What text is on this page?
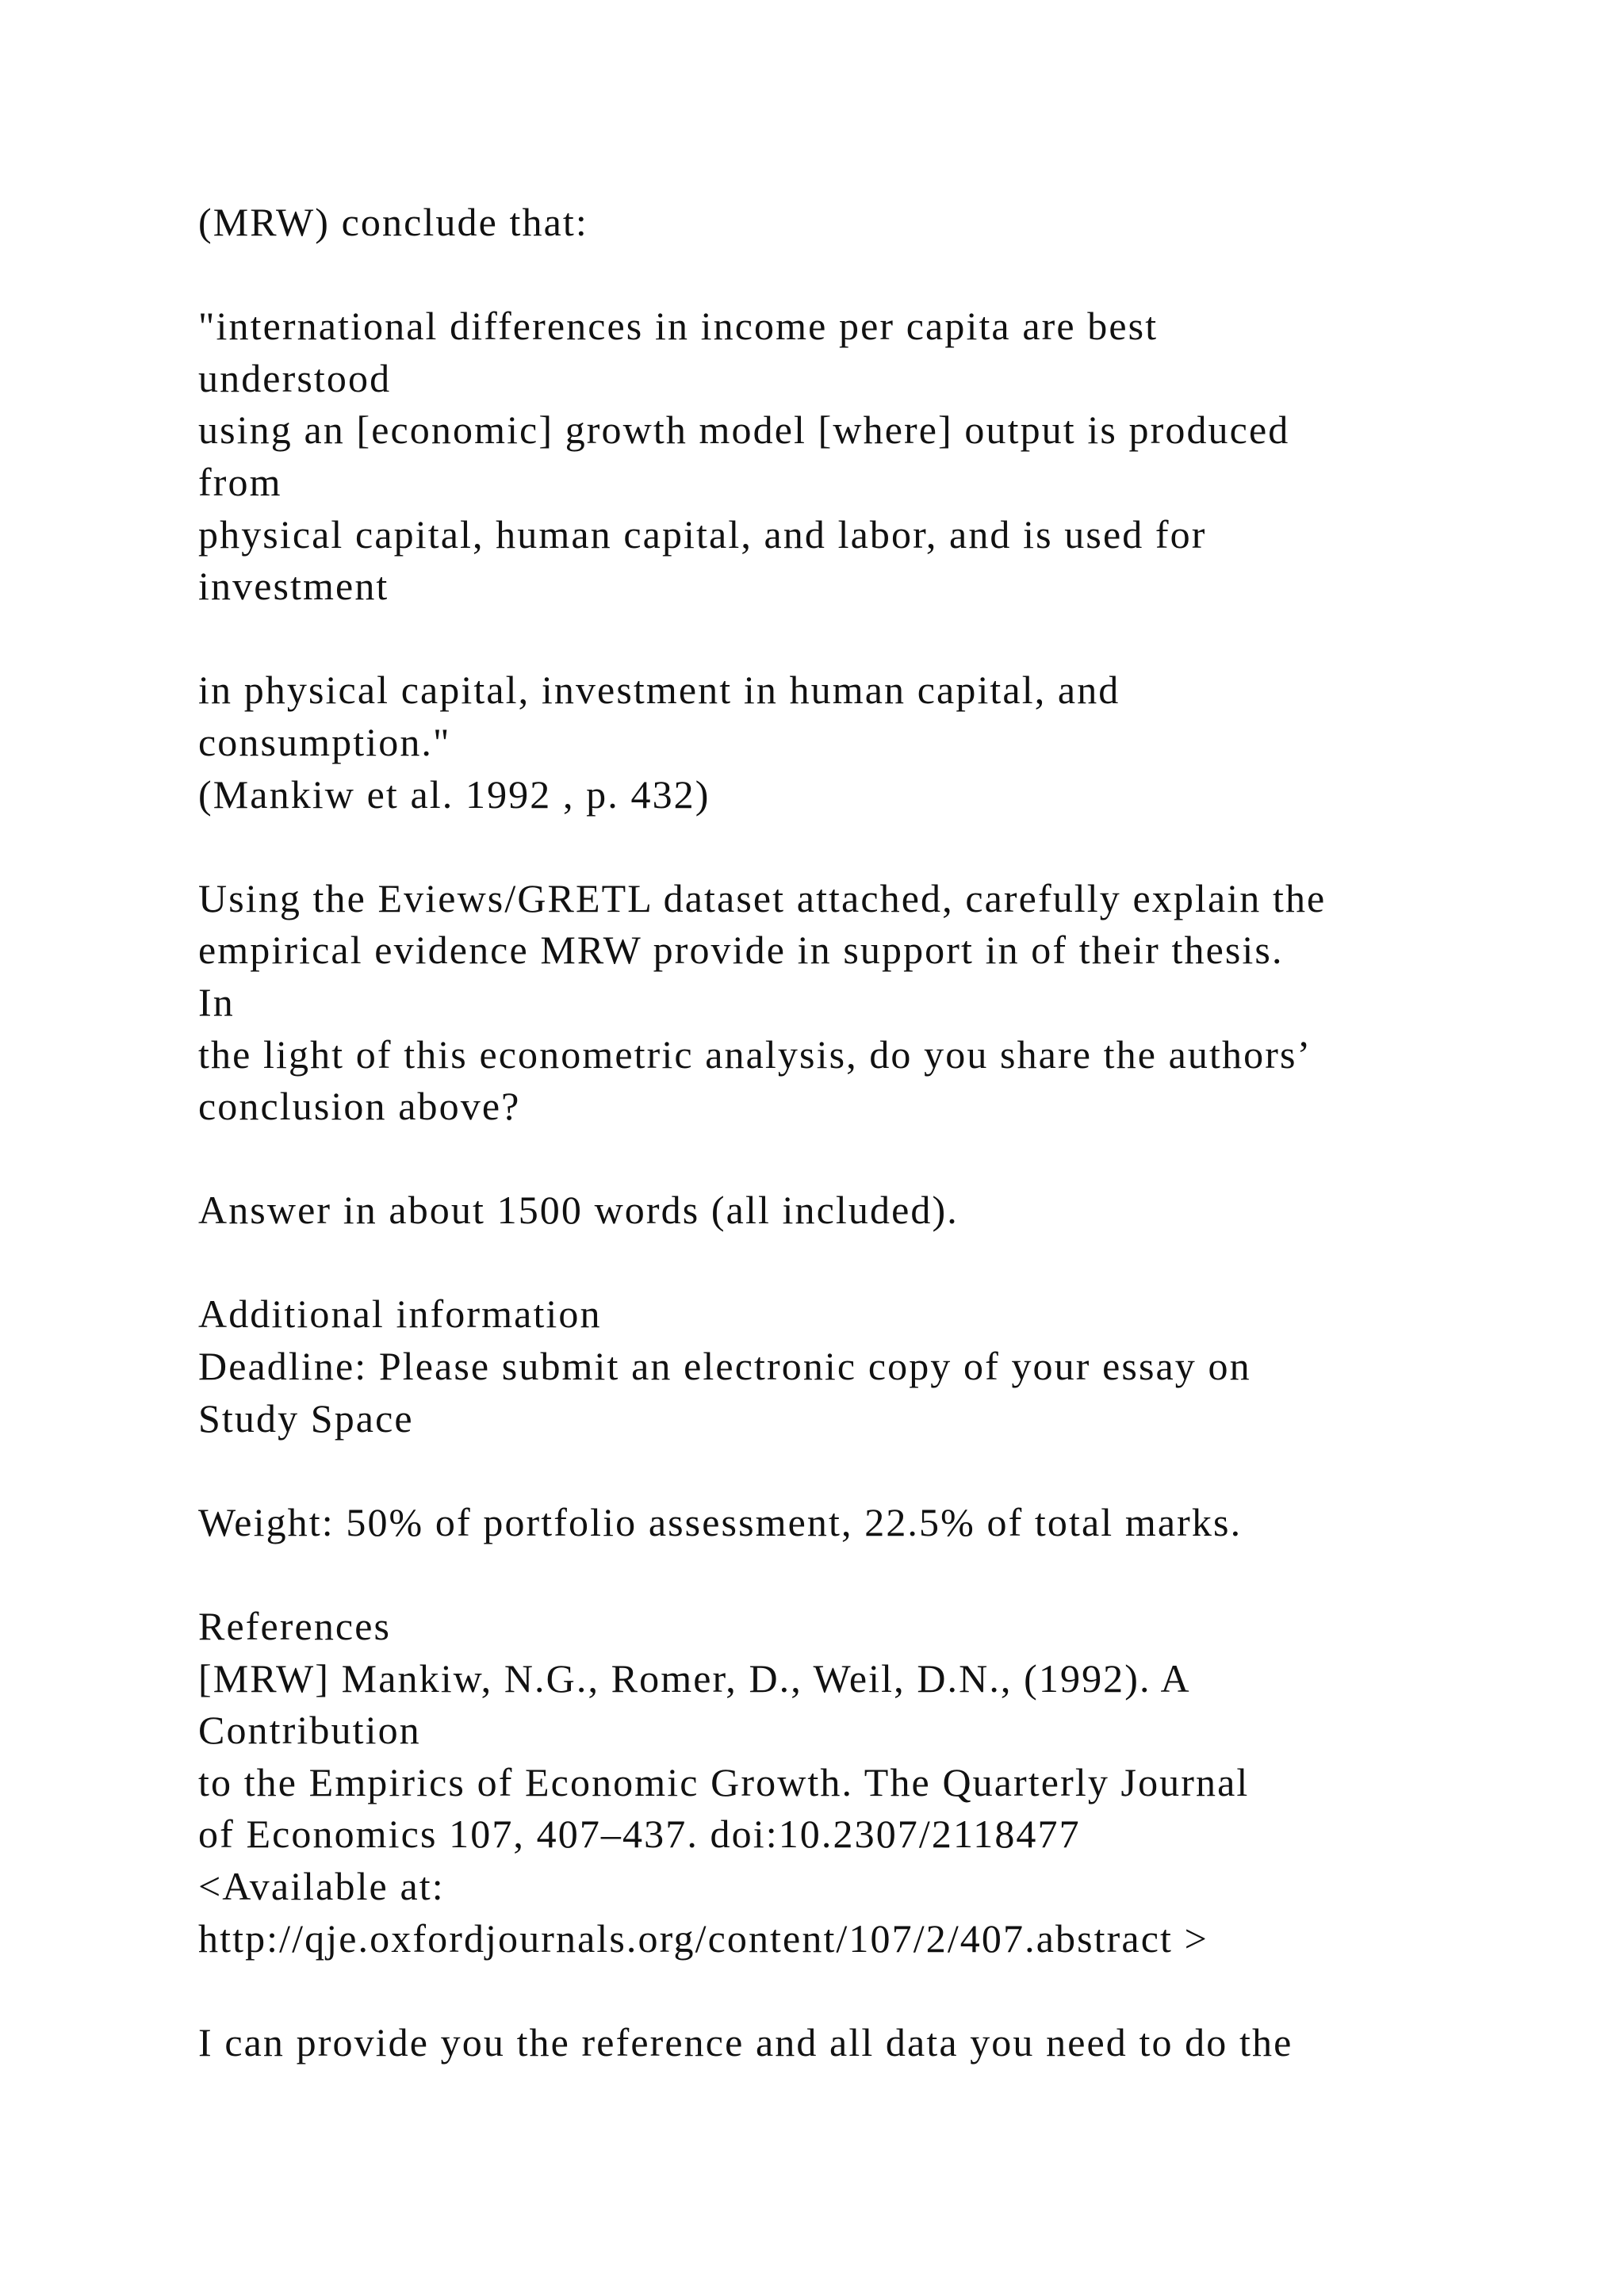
(MRW) conclude that:
"international differences in income per capita are best
understood
using an [economic] growth model [where] output is produced
from
physical capital, human capital, and labor, and is used for
investment
in physical capital, investment in human capital, and
consumption."
(Mankiw et al. 1992 , p. 432)
Using the Eviews/GRETL dataset attached, carefully explain the
empirical evidence MRW provide in support in of their thesis.
In
the light of this econometric analysis, do you share the authors’
conclusion above?
Answer in about 1500 words (all included).
Additional information
Deadline: Please submit an electronic copy of your essay on
Study Space
Weight: 50% of portfolio assessment, 22.5% of total marks.
References
[MRW] Mankiw, N.G., Romer, D., Weil, D.N., (1992). A
Contribution
to the Empirics of Economic Growth. The Quarterly Journal
of Economics 107, 407–437. doi:10.2307/2118477
<Available at:
http://qje.oxfordjournals.org/content/107/2/407.abstract >
I can provide you the reference and all data you need to do the
